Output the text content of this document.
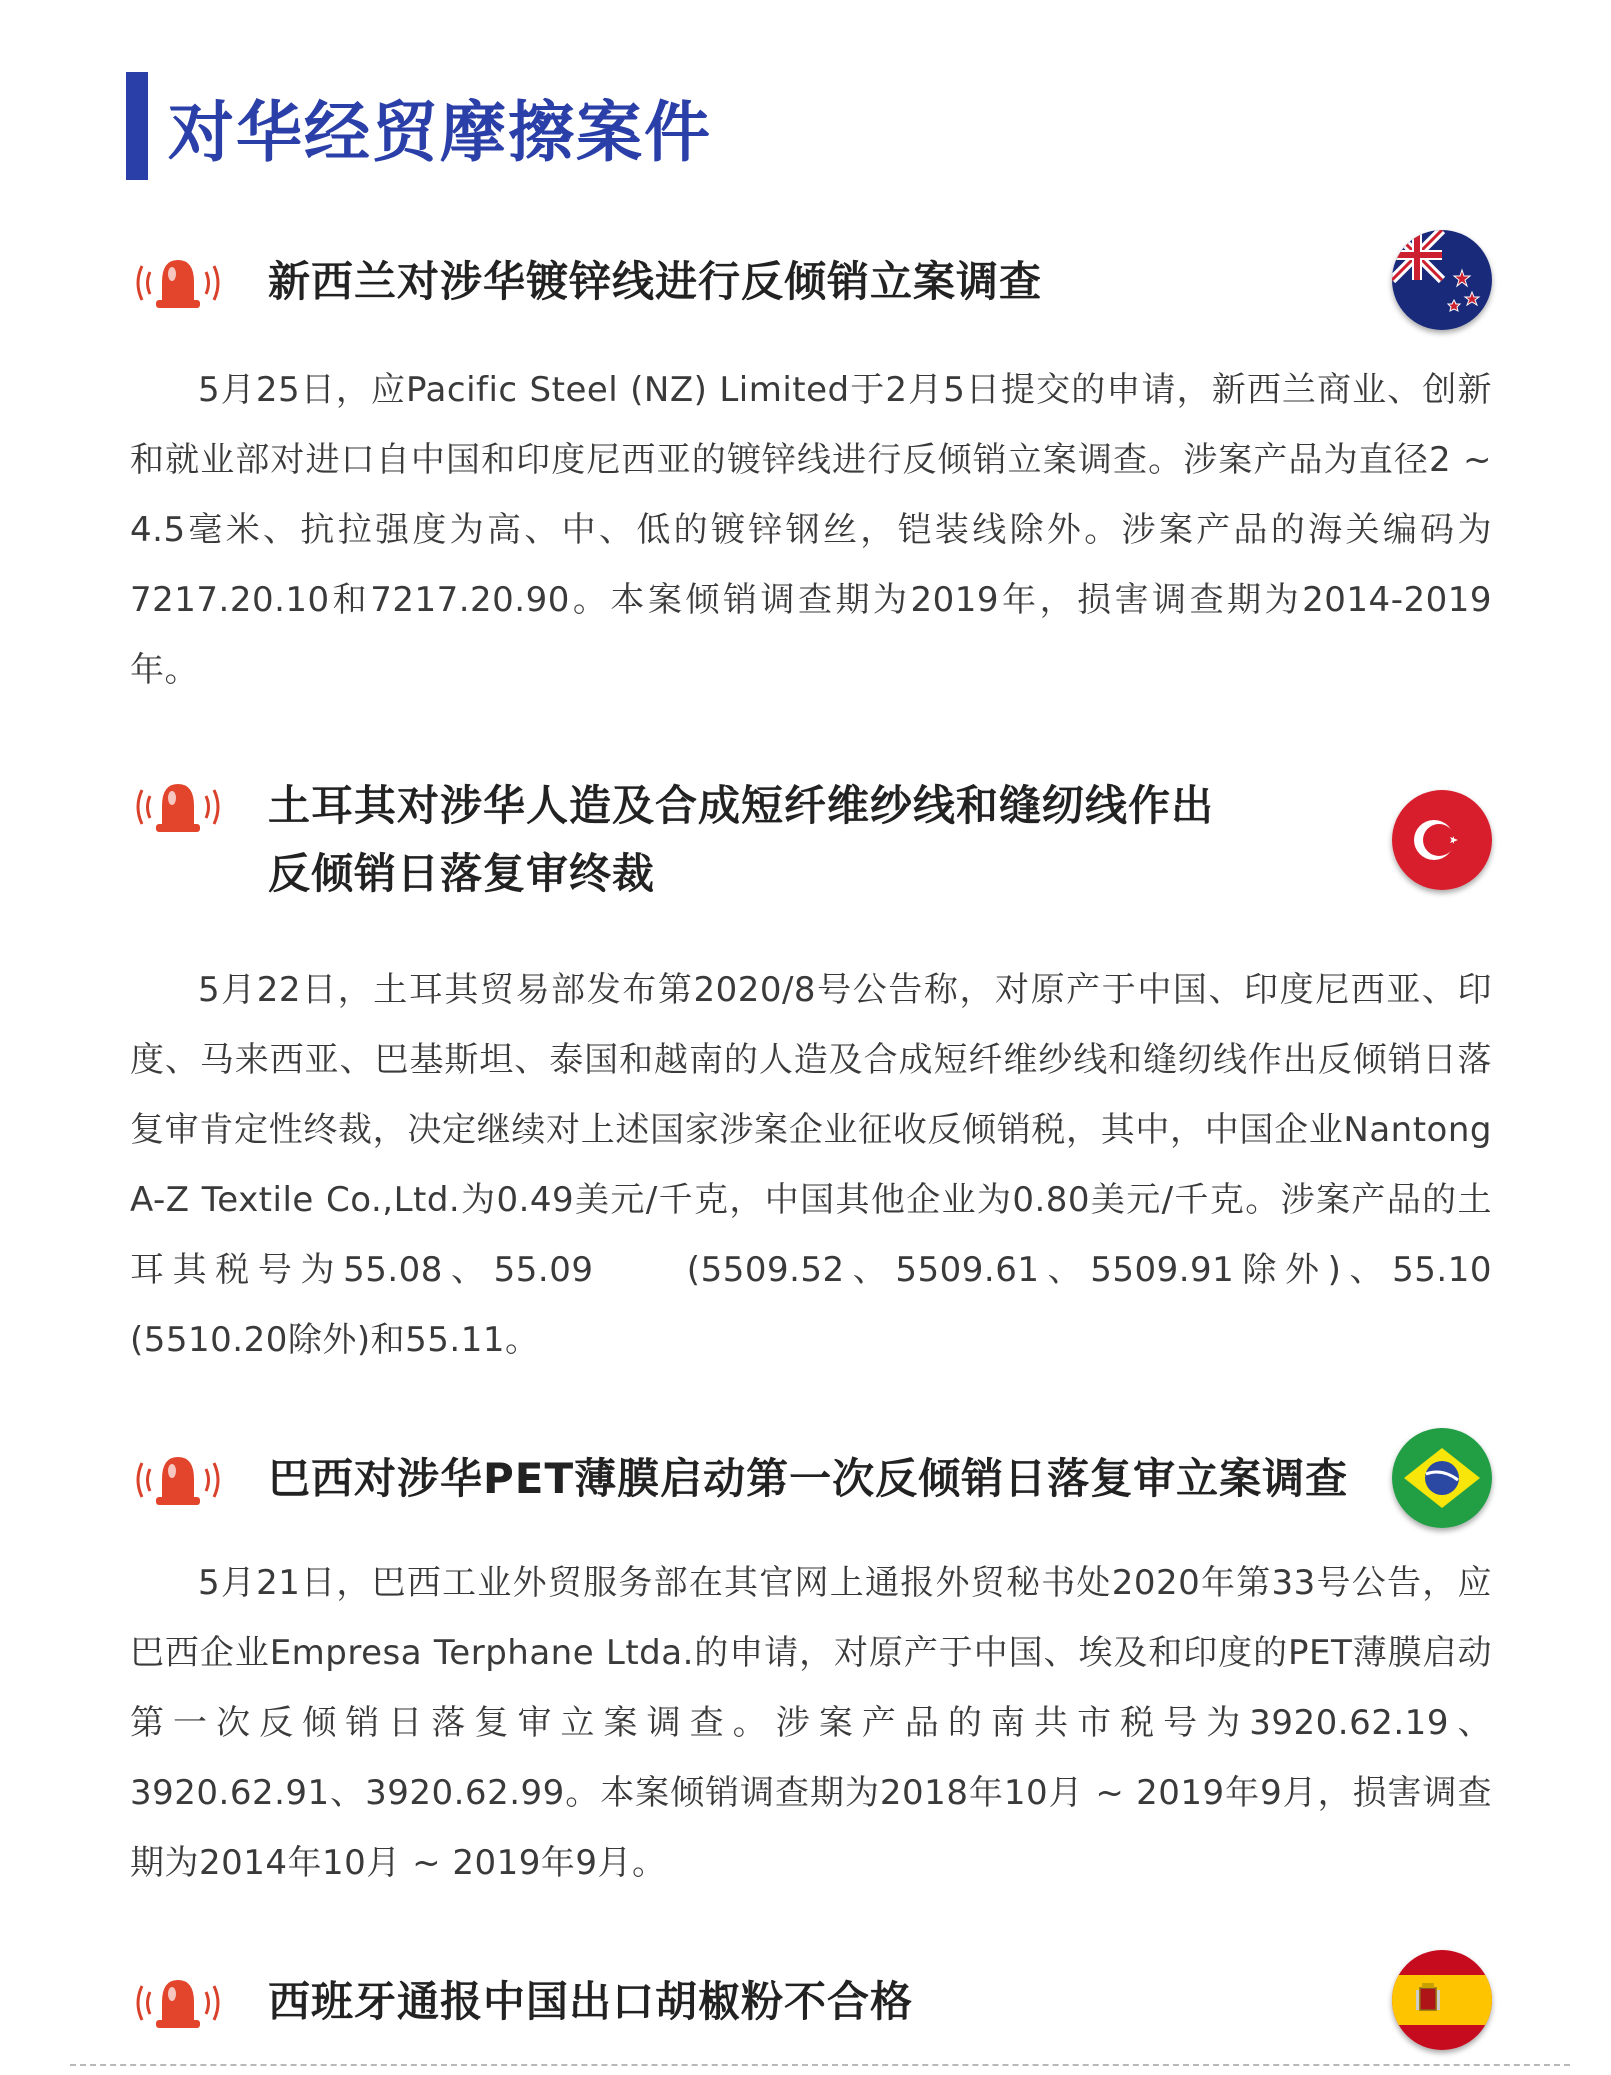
对华经贸摩擦案件
新西兰对涉华镀锌线进行反倾销立案调查
5月25日，应Pacific Steel (NZ) Limited于2月5日提交的申请，新西兰商业、创新和就业部对进口自中国和印度尼西亚的镀锌线进行反倾销立案调查。涉案产品为直径2 ~ 4.5毫米、抗拉强度为高、中、低的镀锌钢丝，铠装线除外。涉案产品的海关编码为7217.20.10和7217.20.90。本案倾销调查期为2019年，损害调查期为2014-2019年。
土耳其对涉华人造及合成短纤维纱线和缝纫线作出
反倾销日落复审终裁
5月22日，土耳其贸易部发布第2020/8号公告称，对原产于中国、印度尼西亚、印度、马来西亚、巴基斯坦、泰国和越南的人造及合成短纤维纱线和缝纫线作出反倾销日落复审肯定性终裁，决定继续对上述国家涉案企业征收反倾销税，其中，中国企业Nantong A-Z Textile Co.,Ltd.为0.49美元/千克，中国其他企业为0.80美元/千克。涉案产品的土耳其税号为55.08、55.09　　(5509.52、5509.61、5509.91除外)、55.10 (5510.20除外)和55.11。
巴西对涉华PET薄膜启动第一次反倾销日落复审立案调查
5月21日，巴西工业外贸服务部在其官网上通报外贸秘书处2020年第33号公告，应巴西企业Empresa Terphane Ltda.的申请，对原产于中国、埃及和印度的PET薄膜启动第一次反倾销日落复审立案调查。涉案产品的南共市税号为3920.62.19、3920.62.91、3920.62.99。本案倾销调查期为2018年10月 ~ 2019年9月，损害调查期为2014年10月 ~ 2019年9月。
西班牙通报中国出口胡椒粉不合格
